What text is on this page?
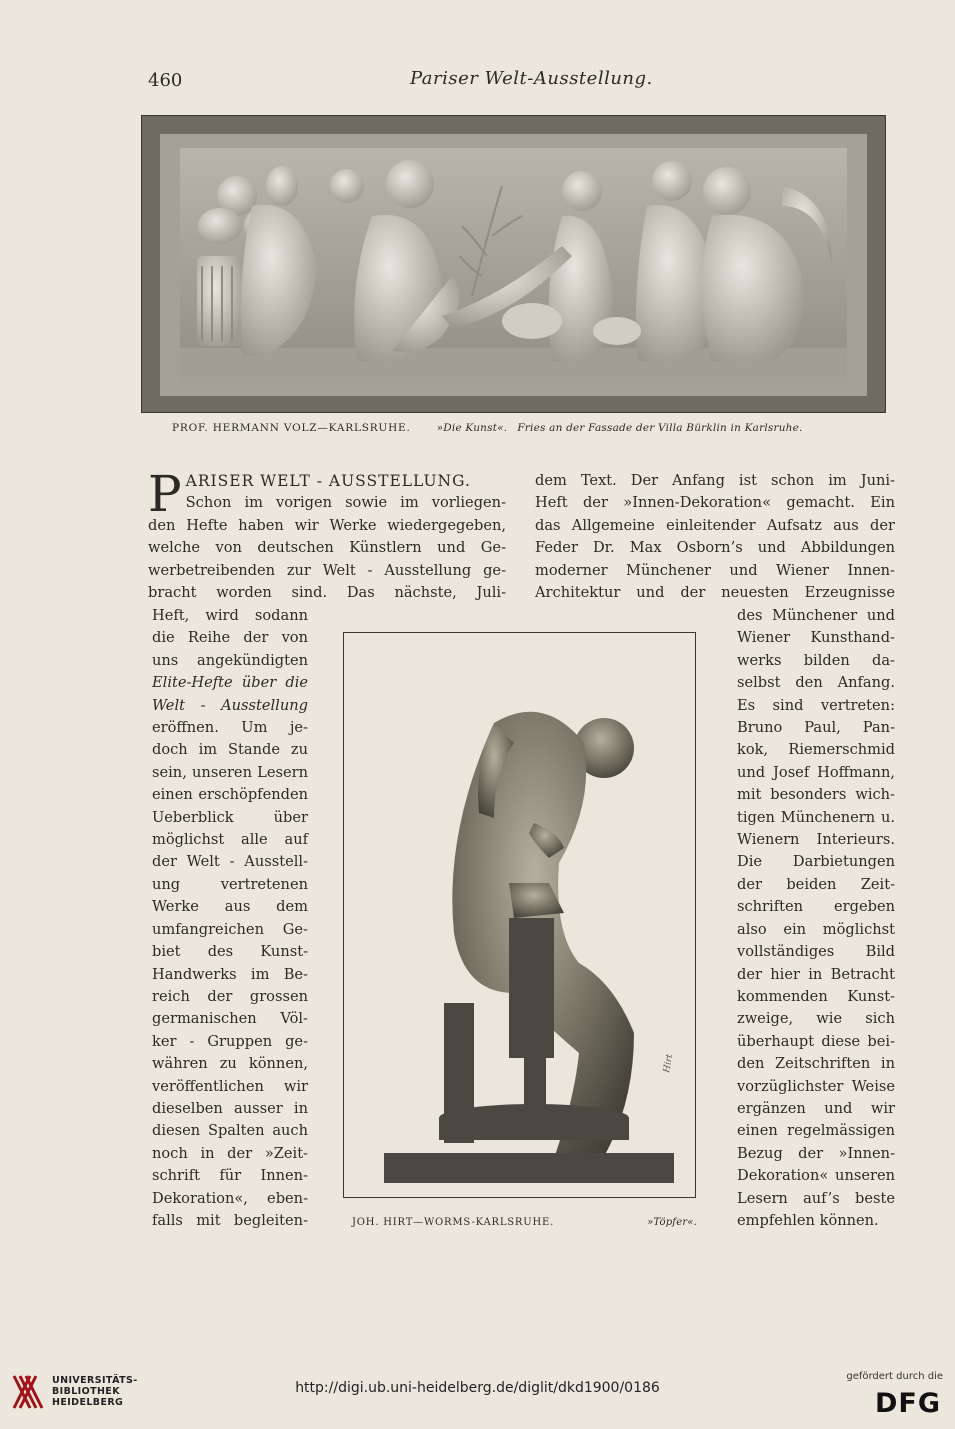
460	Pariser Welt-Ausstellung.
PROF. HERMANN VOLZ—KARLSRUHE. »Die Kunst«. Fries an der Fassade der Villa Bürklin in Karlsruhe.
P ARISER WELT - AUSSTELLUNG.
Schon im vorigen sowie im vorliegen-
den Hefte haben wir Werke wiedergegeben,
welche von deutschen Künstlern und Ge-
werbetreibenden zur Welt - Ausstellung ge-
bracht worden sind. Das nächste, Juli-
Heft, wird sodann
die Reihe der von
uns angekündigten
Elite-Hefte über die
Welt - Ausstellung
eröffnen. Um je-
doch im Stande zu
sein, unseren Lesern
einen erschöpfenden
Ueberblick über
möglichst alle auf
der Welt - Ausstell-
ung vertretenen
Werke aus dem
umfangreichen Ge-
biet des Kunst-
Handwerks im Be-
reich der grossen
germanischen Völ-
ker - Gruppen ge-
währen zu können,
veröffentlichen wir
dieselben ausser in
diesen Spalten auch
noch in der »Zeit-
schrift für Innen-
Dekoration«, eben-
falls mit begleiten-
dem Text. Der Anfang ist schon im Juni-
Heft der »Innen-Dekoration« gemacht. Ein
das Allgemeine einleitender Aufsatz aus der
Feder Dr. Max Osborn’s und Abbildungen
moderner Münchener und Wiener Innen-
Architektur und der neuesten Erzeugnisse
des Münchener und
Wiener Kunsthand-
werks bilden da-
selbst den Anfang.
Es sind vertreten:
Bruno Paul, Pan-
kok, Riemerschmid
und Josef Hoffmann,
mit besonders wich-
tigen Münchenern u.
Wienern Interieurs.
Die Darbietungen
der beiden Zeit-
schriften ergeben
also ein möglichst
vollständiges Bild
der hier in Betracht
kommenden Kunst-
zweige, wie sich
überhaupt diese bei-
den Zeitschriften in
vorzüglichster Weise
ergänzen und wir
einen regelmässigen
Bezug der »Innen-
Dekoration« unseren
Lesern auf’s beste
empfehlen können.
Hirt
JOH. HIRT—WORMS-KARLSRUHE.	»Töpfer«.
UNIVERSITÄTS-
BIBLIOTHEK
HEIDELBERG
http://digi.ub.uni-heidelberg.de/diglit/dkd1900/0186
gefördert durch die
DFG
